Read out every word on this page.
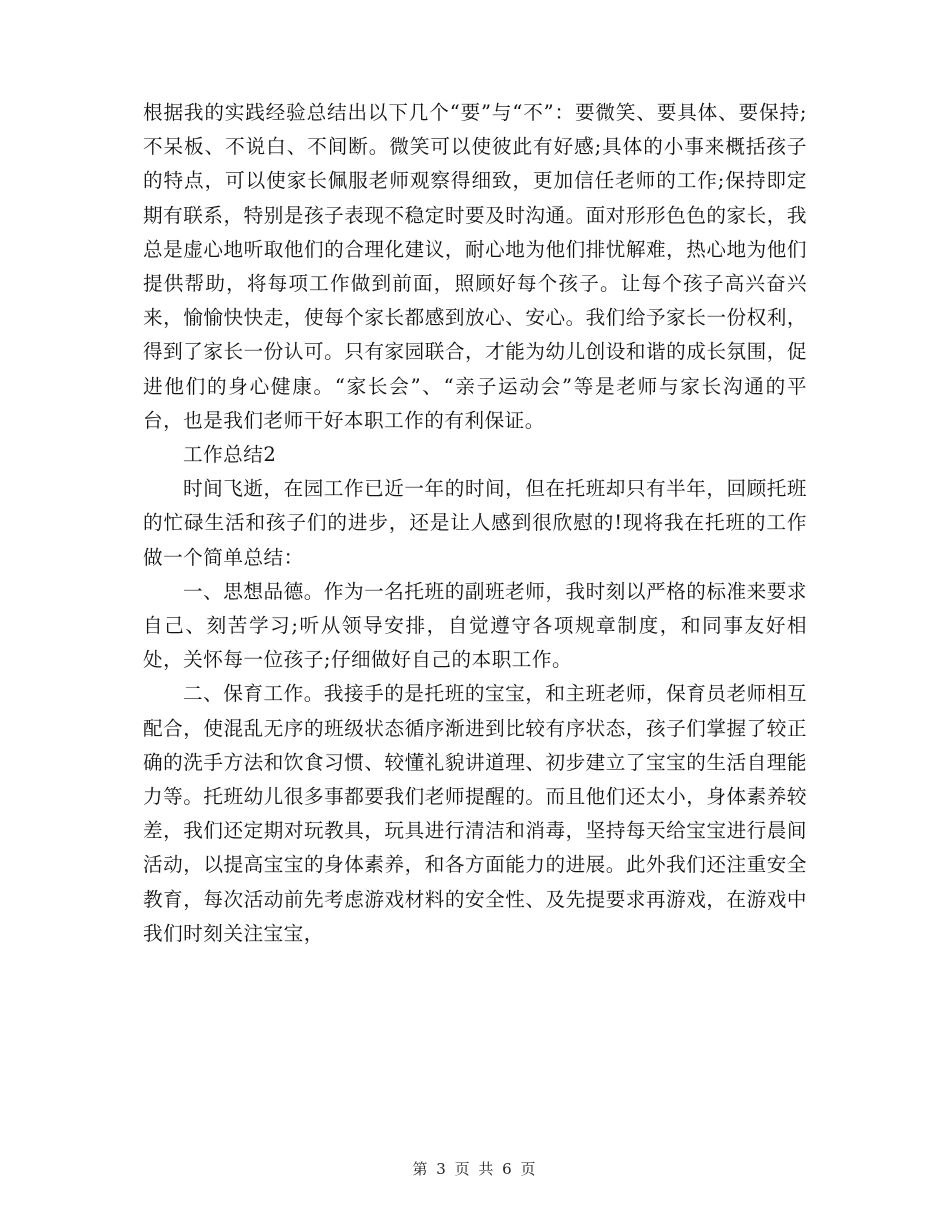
根据我的实践经验总结出以下几个“要”与“不”：要微笑、要具体、要保持;不呆板、不说白、不间断。微笑可以使彼此有好感;具体的小事来概括孩子的特点，可以使家长佩服老师观察得细致，更加信任老师的工作;保持即定期有联系，特别是孩子表现不稳定时要及时沟通。面对形形色色的家长，我总是虚心地听取他们的合理化建议，耐心地为他们排忧解难，热心地为他们提供帮助，将每项工作做到前面，照顾好每个孩子。让每个孩子高兴奋兴来，愉愉快快走，使每个家长都感到放心、安心。我们给予家长一份权利，得到了家长一份认可。只有家园联合，才能为幼儿创设和谐的成长氛围，促进他们的身心健康。“家长会”、“亲子运动会”等是老师与家长沟通的平台，也是我们老师干好本职工作的有利保证。

工作总结2

时间飞逝，在园工作已近一年的时间，但在托班却只有半年，回顾托班的忙碌生活和孩子们的进步，还是让人感到很欣慰的!现将我在托班的工作做一个简单总结：

一、思想品德。作为一名托班的副班老师，我时刻以严格的标准来要求自己、刻苦学习;听从领导安排，自觉遵守各项规章制度，和同事友好相处，关怀每一位孩子;仔细做好自己的本职工作。

二、保育工作。我接手的是托班的宝宝，和主班老师，保育员老师相互配合，使混乱无序的班级状态循序渐进到比较有序状态，孩子们掌握了较正确的洗手方法和饮食习惯、较懂礼貌讲道理、初步建立了宝宝的生活自理能力等。托班幼儿很多事都要我们老师提醒的。而且他们还太小，身体素养较差，我们还定期对玩教具，玩具进行清洁和消毒，坚持每天给宝宝进行晨间活动，以提高宝宝的身体素养，和各方面能力的进展。此外我们还注重安全教育，每次活动前先考虑游戏材料的安全性、及先提要求再游戏，在游戏中我们时刻关注宝宝，

第 3 页 共 6 页
